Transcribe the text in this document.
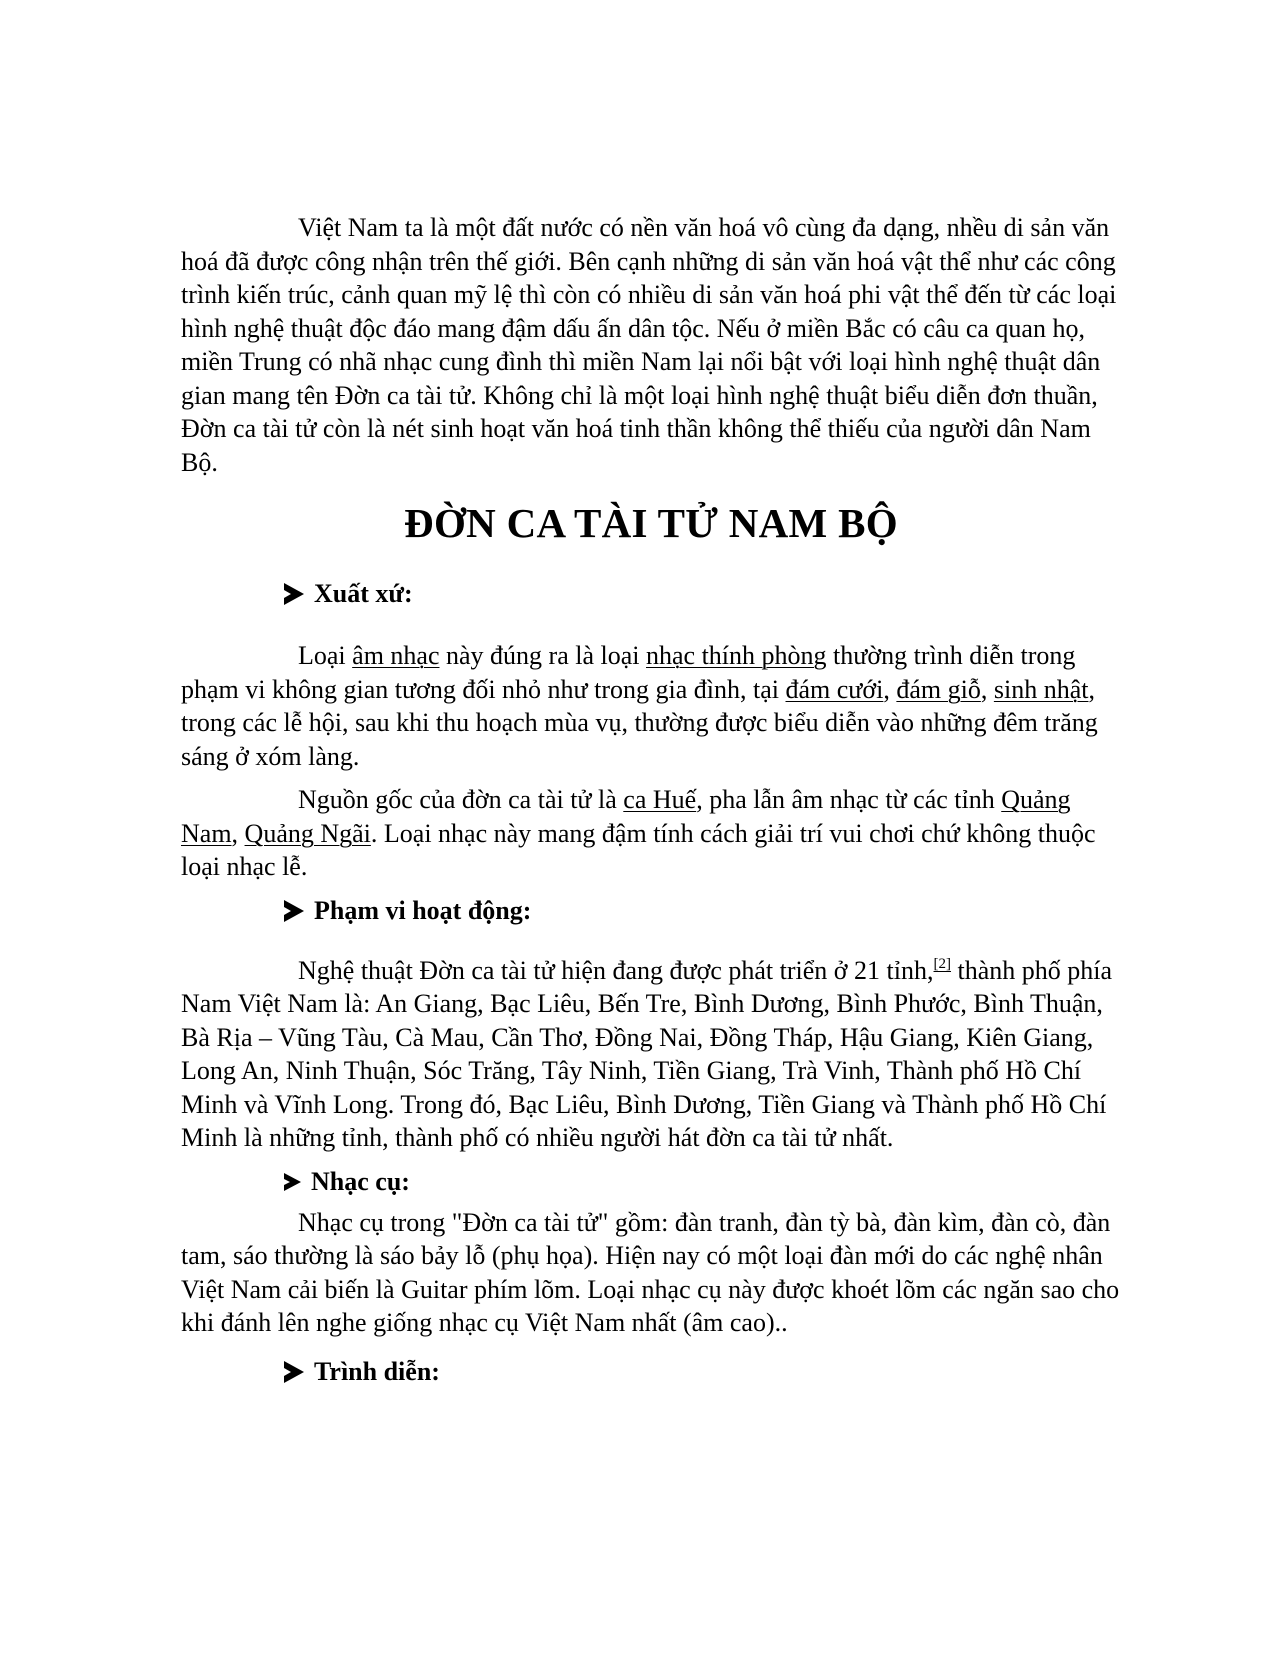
Việt Nam ta là một đất nước có nền văn hoá vô cùng đa dạng, nhều di sản văn hoá đã được công nhận trên thế giới. Bên cạnh những di sản văn hoá vật thể như các công trình kiến trúc, cảnh quan mỹ lệ thì còn có nhiều di sản văn hoá phi vật thể đến từ các loại hình nghệ thuật độc đáo mang đậm dấu ấn dân tộc. Nếu ở miền Bắc có câu ca quan họ, miền Trung có nhã nhạc cung đình thì miền Nam lại nổi bật với loại hình nghệ thuật dân gian mang tên Đờn ca tài tử. Không chỉ là một loại hình nghệ thuật biểu diễn đơn thuần, Đờn ca tài tử còn là nét sinh hoạt văn hoá tinh thần không thể thiếu của người dân Nam Bộ.

ĐỜN CA TÀI TỬ NAM BỘ
Xuất xứ:

Loại âm nhạc này đúng ra là loại nhạc thính phòng thường trình diễn trong phạm vi không gian tương đối nhỏ như trong gia đình, tại đám cưới, đám giỗ, sinh nhật, trong các lễ hội, sau khi thu hoạch mùa vụ, thường được biểu diễn vào những đêm trăng sáng ở xóm làng.

Nguồn gốc của đờn ca tài tử là ca Huế, pha lẫn âm nhạc từ các tỉnh Quảng Nam, Quảng Ngãi. Loại nhạc này mang đậm tính cách giải trí vui chơi chứ không thuộc loại nhạc lễ.

Phạm vi hoạt động:

Nghệ thuật Đờn ca tài tử hiện đang được phát triển ở 21 tỉnh,[2] thành phố phía Nam Việt Nam là: An Giang, Bạc Liêu, Bến Tre, Bình Dương, Bình Phước, Bình Thuận, Bà Rịa – Vũng Tàu, Cà Mau, Cần Thơ, Đồng Nai, Đồng Tháp, Hậu Giang, Kiên Giang, Long An, Ninh Thuận, Sóc Trăng, Tây Ninh, Tiền Giang, Trà Vinh, Thành phố Hồ Chí Minh và Vĩnh Long. Trong đó, Bạc Liêu, Bình Dương, Tiền Giang và Thành phố Hồ Chí Minh là những tỉnh, thành phố có nhiều người hát đờn ca tài tử nhất.

Nhạc cụ:

Nhạc cụ trong "Đờn ca tài tử" gồm: đàn tranh, đàn tỳ bà, đàn kìm, đàn cò, đàn tam, sáo thường là sáo bảy lỗ (phụ họa). Hiện nay có một loại đàn mới do các nghệ nhân Việt Nam cải biến là Guitar phím lõm. Loại nhạc cụ này được khoét lõm các ngăn sao cho khi đánh lên nghe giống nhạc cụ Việt Nam nhất (âm cao)..

Trình diễn:
